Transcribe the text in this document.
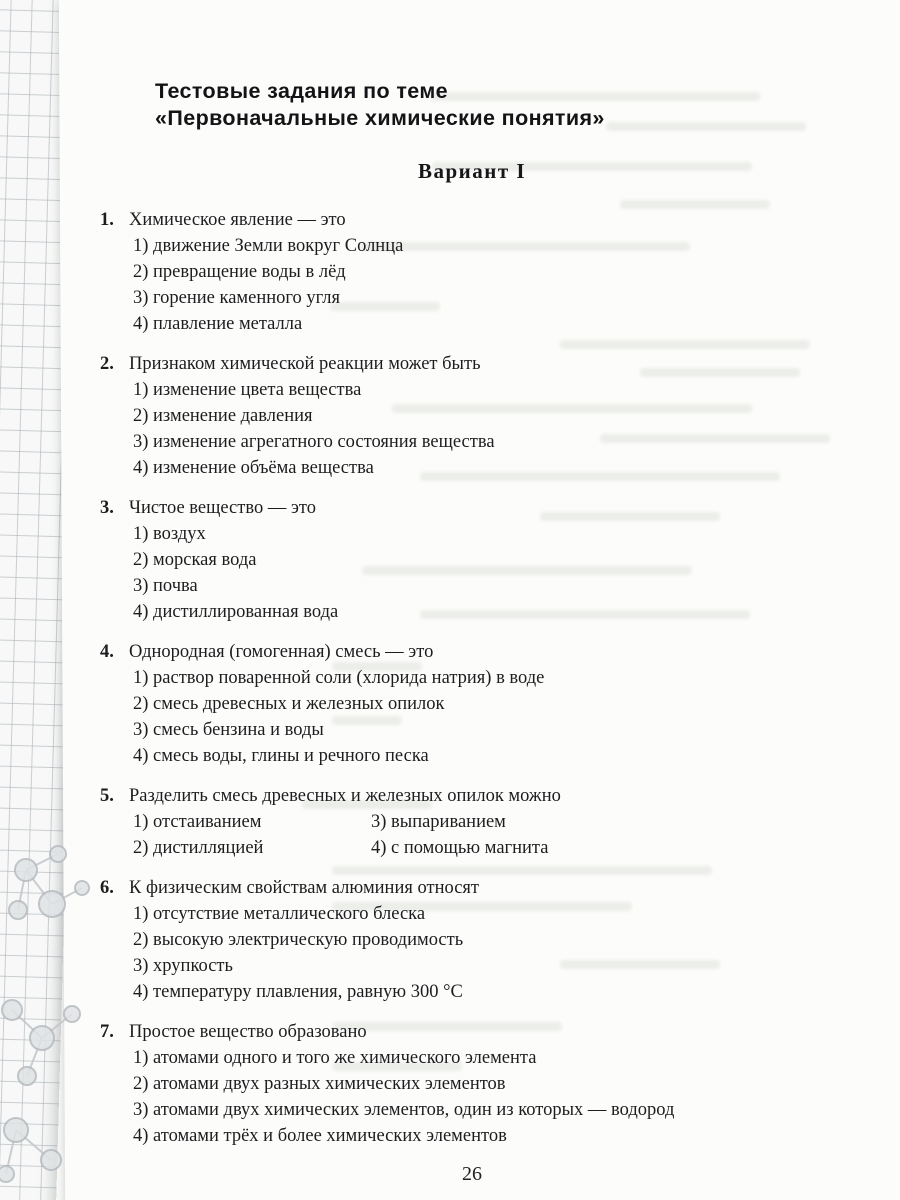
Тестовые задания по теме
«Первоначальные химические понятия»
Вариант I
1. Химическое явление — это
1) движение Земли вокруг Солнца
2) превращение воды в лёд
3) горение каменного угля
4) плавление металла
2. Признаком химической реакции может быть
1) изменение цвета вещества
2) изменение давления
3) изменение агрегатного состояния вещества
4) изменение объёма вещества
3. Чистое вещество — это
1) воздух
2) морская вода
3) почва
4) дистиллированная вода
4. Однородная (гомогенная) смесь — это
1) раствор поваренной соли (хлорида натрия) в воде
2) смесь древесных и железных опилок
3) смесь бензина и воды
4) смесь воды, глины и речного песка
5. Разделить смесь древесных и железных опилок можно
1) отстаиванием	3) выпариванием
2) дистилляцией	4) с помощью магнита
6. К физическим свойствам алюминия относят
1) отсутствие металлического блеска
2) высокую электрическую проводимость
3) хрупкость
4) температуру плавления, равную 300 °C
7. Простое вещество образовано
1) атомами одного и того же химического элемента
2) атомами двух разных химических элементов
3) атомами двух химических элементов, один из которых — водород
4) атомами трёх и более химических элементов
26
